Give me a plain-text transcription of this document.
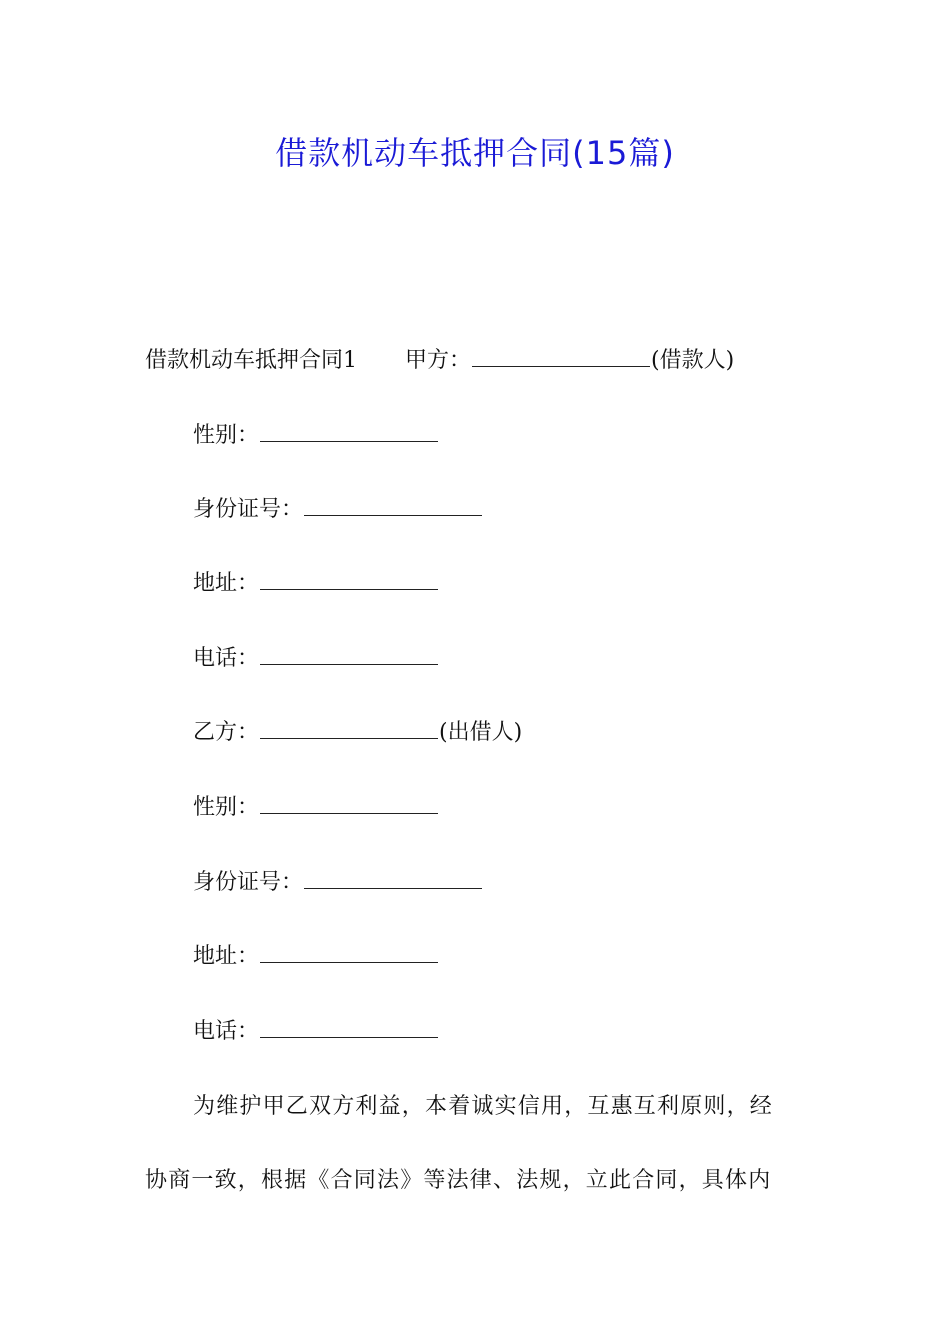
借款机动车抵押合同(15篇)
借款机动车抵押合同1 甲方：	(借款人)
性别：
身份证号：
地址：
电话：
乙方：	(出借人)
性别：
身份证号：
地址：
电话：
为维护甲乙双方利益，本着诚实信用，互惠互利原则，经
协商一致，根据《合同法》等法律、法规，立此合同，具体内
